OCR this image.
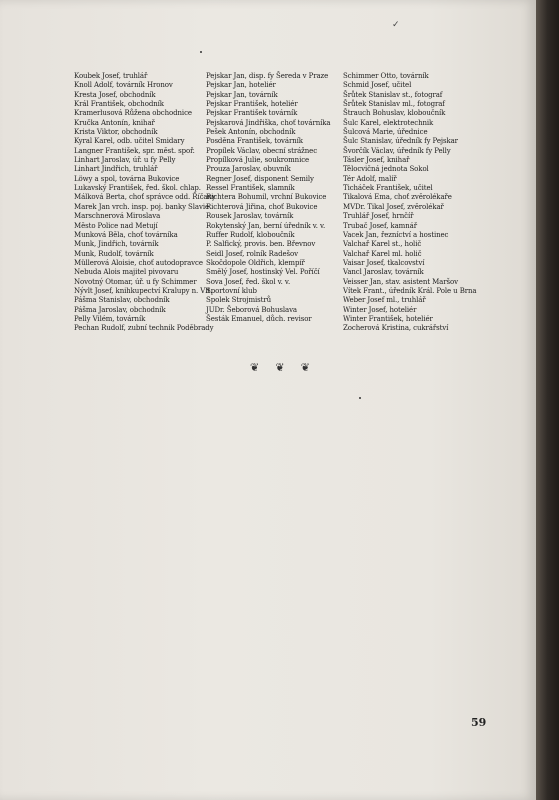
✓
Koubek Josef, truhlář
Knoll Adolf, továrník Hronov
Kresta Josef, obchodník
Král František, obchodník
Kramerlusová Růžena obchodnice
Kručka Antonín, knihař
Krista Viktor, obchodník
Kyral Karel, odb. učitel Smidary
Langner František, spr. měst. spoř.
Linhart Jaroslav, úř. u fy Pelly
Linhart Jindřich, truhlář
Löwy a spol, továrna Bukovice
Lukavský František, řed. škol. chlap.
Málková Berta, choť správce odd. Říčany
Marek Jan vrch. insp. poj. banky Slavie
Marschnerová Miroslava
Město Police nad Metují
Munková Běla, choť továrníka
Munk, Jindřich, továrník
Munk, Rudolf, továrník
Müllerová Aloisie, choť autodopravce
Nebuda Alois majitel pivovaru
Novotný Otomar, úř. u fy Schimmer
Nývlt Josef, knihkupectví Kralupy n. Vlt.
Pášma Stanislav, obchodník
Pášma Jaroslav, obchodník
Pelly Vilém, továrník
Pechan Rudolf, zubní technik Poděbrady
Pejskar Jan, disp. fy Šereda v Praze
Pejskar Jan, hoteliér
Pejskar Jan, továrník
Pejskar František, hoteliér
Pejskar František továrník
Pejskarová Jindřiška, choť továrníka
Pešek Antonín, obchodník
Posděna František, továrník
Propílek Václav, obecní strážnec
Propílková Julie, soukromnice
Prouza Jaroslav, obuvník
Regner Josef, disponent Semily
Ressel František, slamník
Richtera Bohumil, vrchní Bukovice
Richterová Jiřina, choť Bukovice
Rousek Jaroslav, továrník
Rokytenský Jan, berní úředník v. v.
Ruffer Rudolf, kloboučník
P. Salfický, provis. ben. Břevnov
Seidl Josef, rolník Radešov
Skočdopole Oldřich, klempíř
Smělý Josef, hostinský Vel. Poříčí
Sova Josef, řed. škol v. v.
Sportovní klub
Spolek Strojmistrů
JUDr. Šeborová Bohuslava
Šesták Emanuel, důch. revisor
Schimmer Otto, továrník
Schmid Josef, učitel
Šrůtek Stanislav st., fotograf
Šrůtek Stanislav ml., fotograf
Štrauch Bohuslav, kloboučník
Šulc Karel, elektrotechnik
Šulcová Marie, úřednice
Šulc Stanislav, úředník fy Pejskar
Švorčík Václav, úředník fy Pelly
Tásler Josef, knihař
Tělocvičná jednota Sokol
Tér Adolf, malíř
Ticháček František, učitel
Tikalová Ema, choť zvěrolékaře
MVDr. Tikal Josef, zvěrolékař
Truhlář Josef, hrnčíř
Trubač Josef, kamnář
Vacek Jan, řezníctví a hostinec
Valchař Karel st., holič
Valchař Karel ml. holič
Vaisar Josef, tkalcovství
Vancl Jaroslav, továrník
Veisser Jan, stav. asistent Maršov
Vítek Frant., úředník Král. Pole u Brna
Weber Josef ml., truhlář
Winter Josef, hoteliér
Winter František, hoteliér
Zocherová Kristina, cukrářství
❦ ❦ ❦
59
